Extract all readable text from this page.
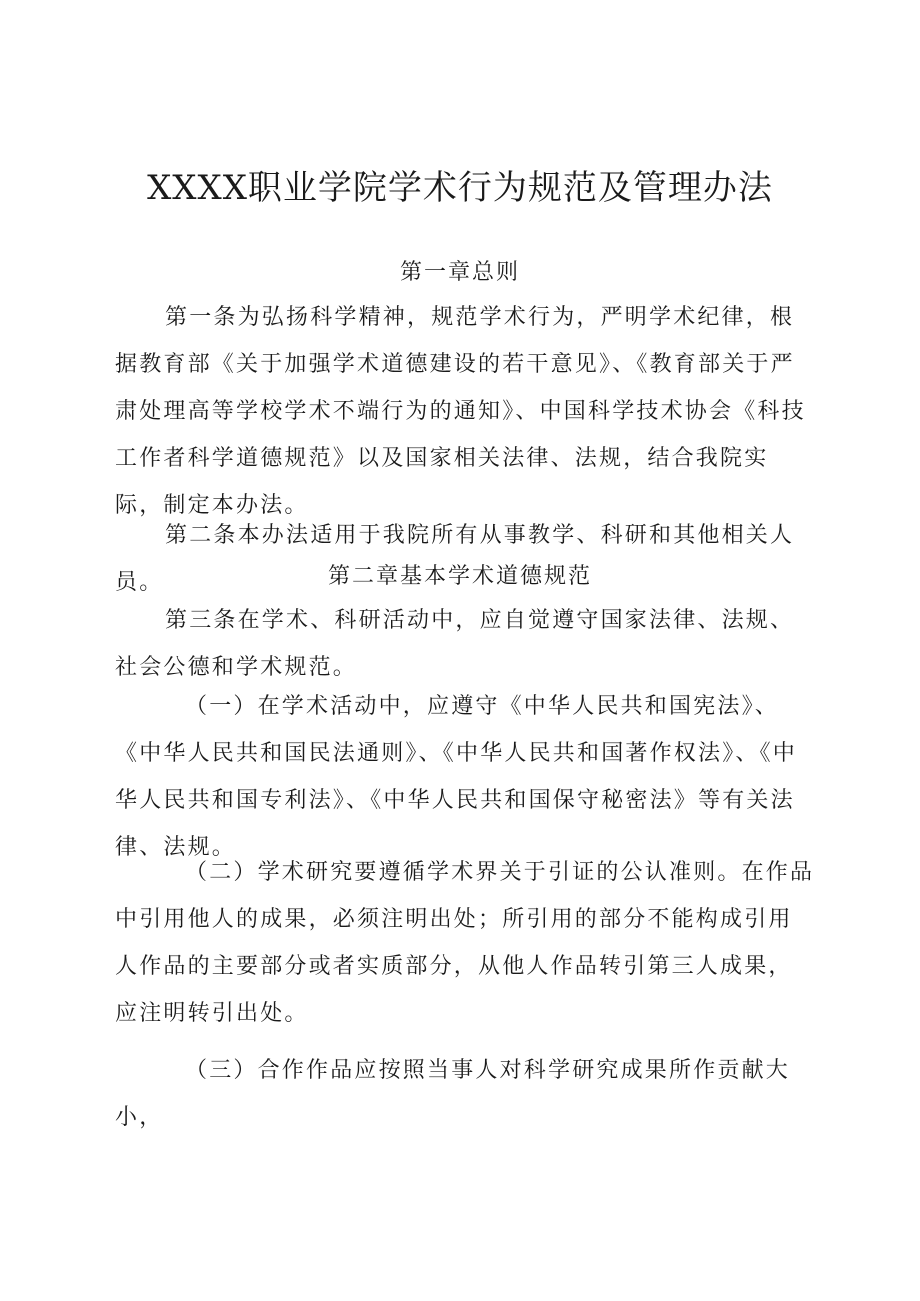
XXXX职业学院学术行为规范及管理办法
第一章总则
第一条为弘扬科学精神，规范学术行为，严明学术纪律，根据教育部《关于加强学术道德建设的若干意见》、《教育部关于严肃处理高等学校学术不端行为的通知》、中国科学技术协会《科技工作者科学道德规范》以及国家相关法律、法规，结合我院实际，制定本办法。
第二条本办法适用于我院所有从事教学、科研和其他相关人员。	第二章基本学术道德规范
第三条在学术、科研活动中，应自觉遵守国家法律、法规、社会公德和学术规范。
（一）在学术活动中，应遵守《中华人民共和国宪法》、《中华人民共和国民法通则》、《中华人民共和国著作权法》、《中华人民共和国专利法》、《中华人民共和国保守秘密法》等有关法律、法规。
（二）学术研究要遵循学术界关于引证的公认准则。在作品中引用他人的成果，必须注明出处；所引用的部分不能构成引用人作品的主要部分或者实质部分，从他人作品转引第三人成果，应注明转引出处。
（三）合作作品应按照当事人对科学研究成果所作贡献大小，
